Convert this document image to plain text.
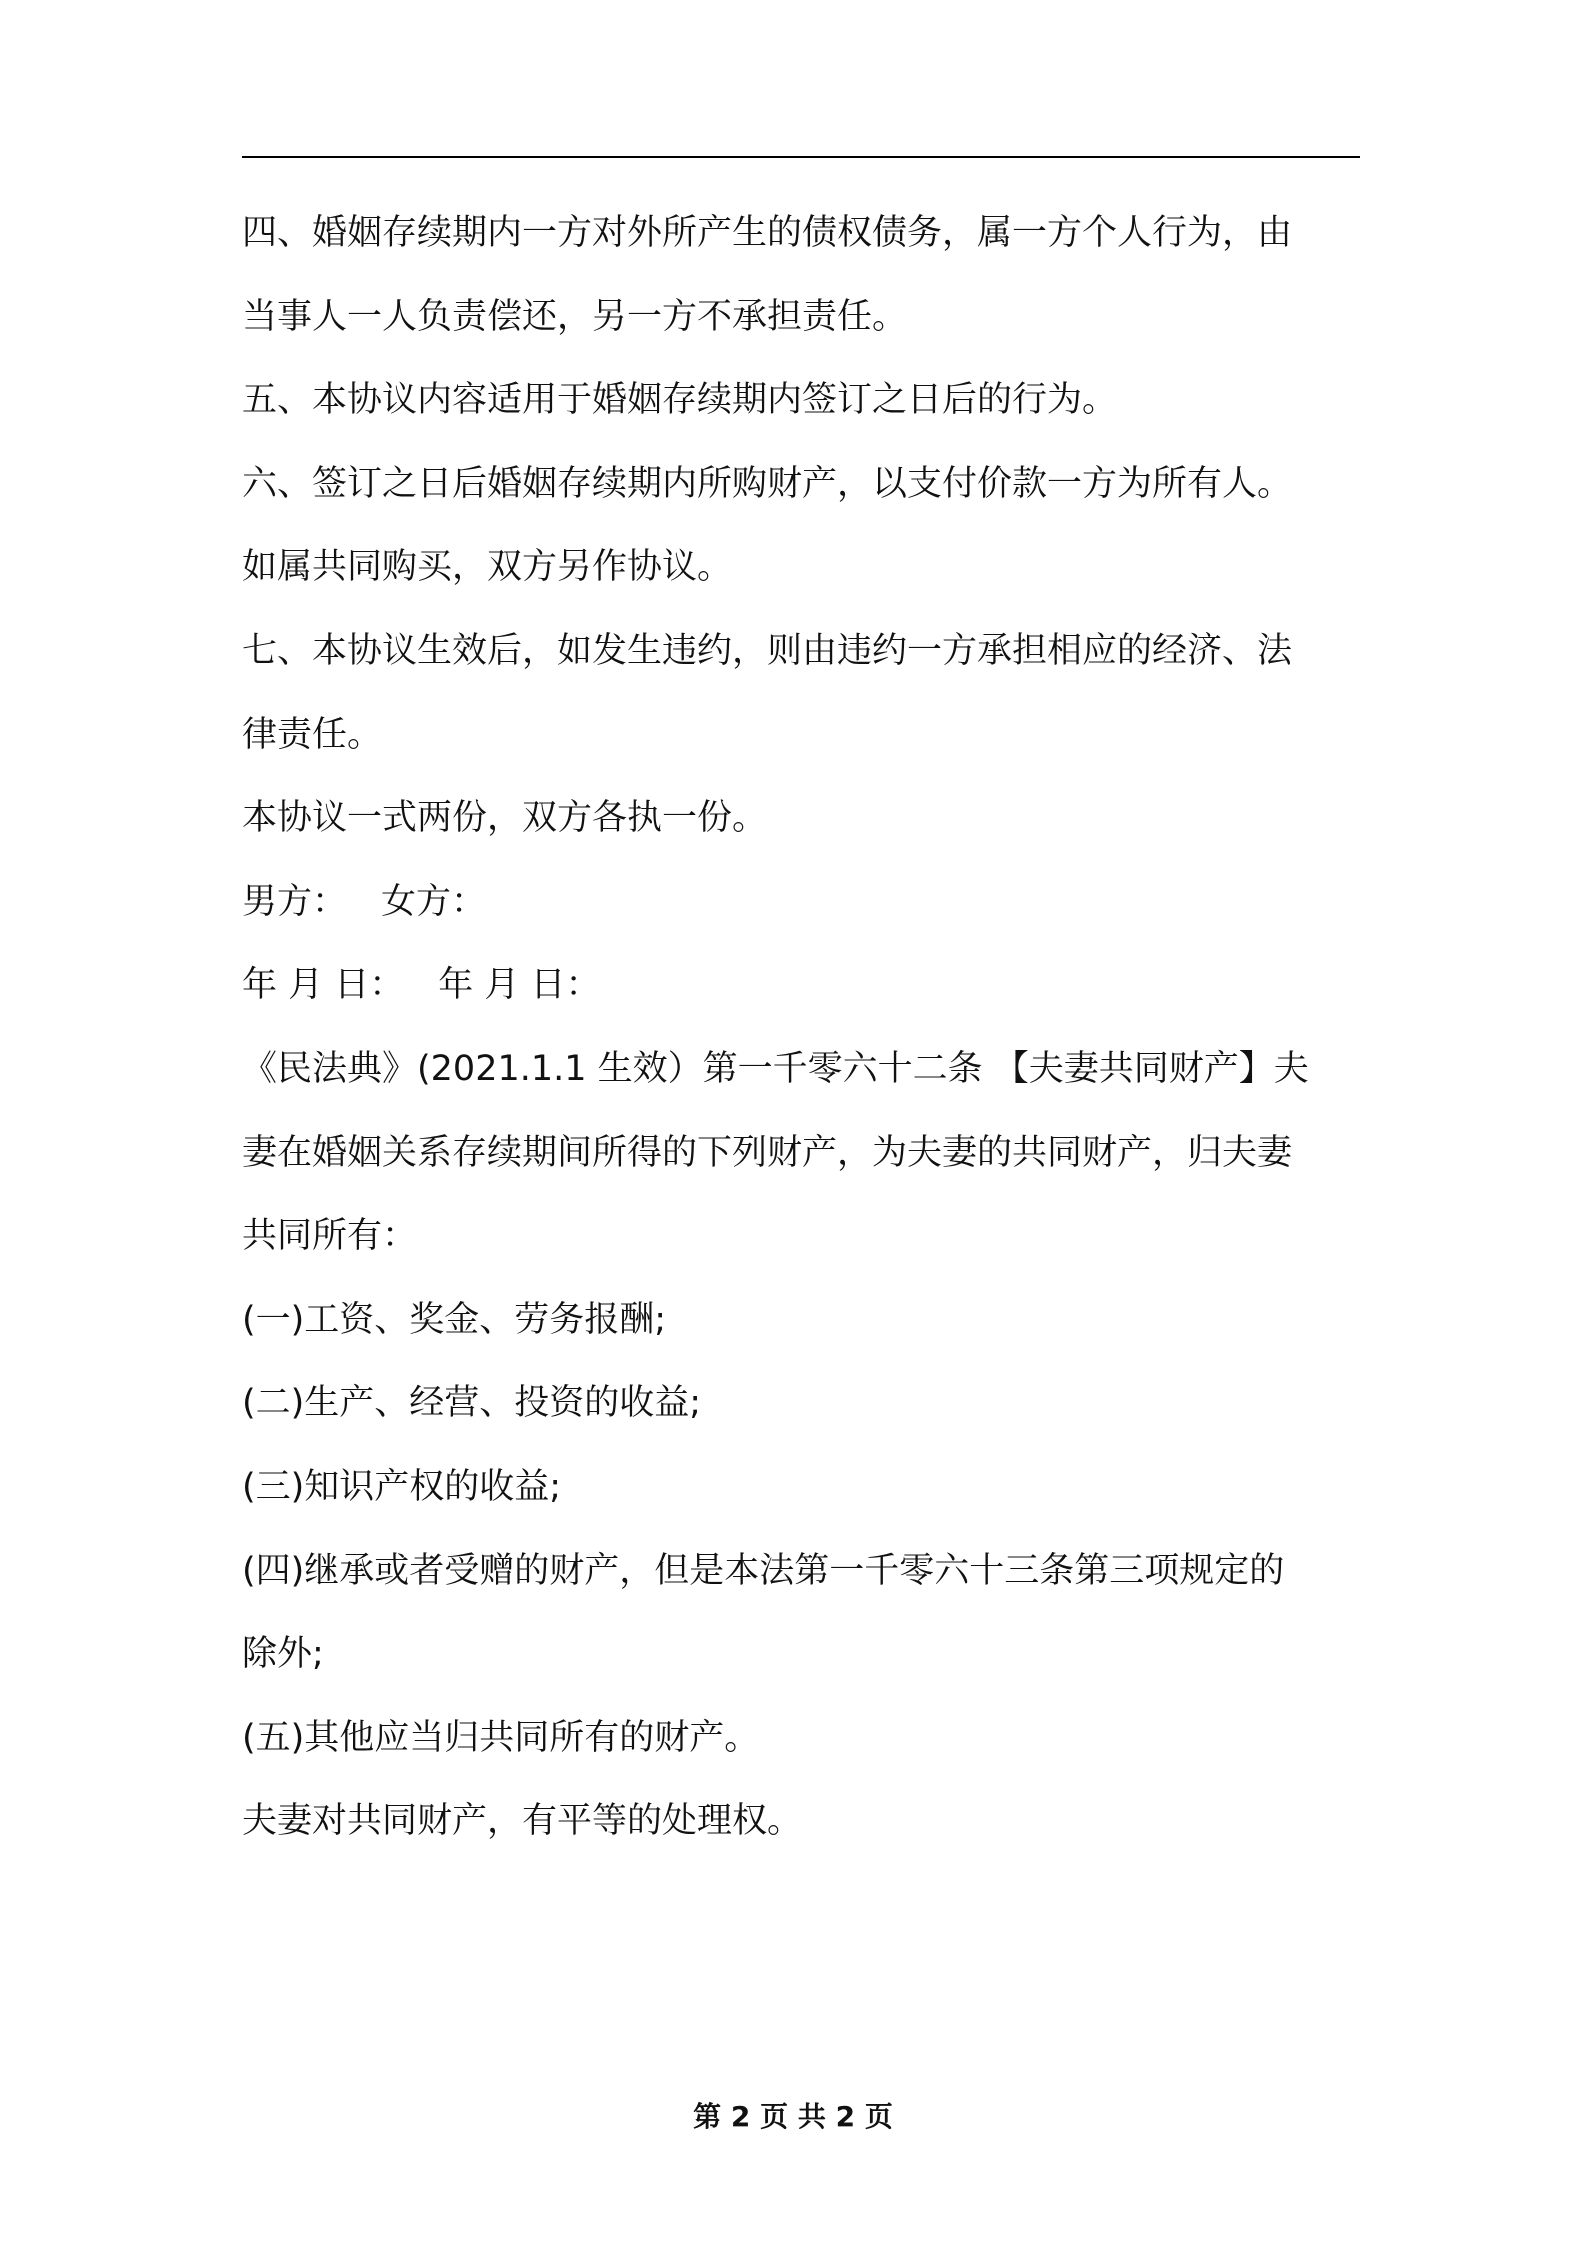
四、婚姻存续期内一方对外所产生的债权债务，属一方个人行为，由
当事人一人负责偿还，另一方不承担责任。
五、本协议内容适用于婚姻存续期内签订之日后的行为。
六、签订之日后婚姻存续期内所购财产，以支付价款一方为所有人。
如属共同购买，双方另作协议。
七、本协议生效后，如发生违约，则由违约一方承担相应的经济、法
律责任。
本协议一式两份，双方各执一份。
男方： 女方：
年 月 日： 年 月 日：
《民法典》(2021.1.1 生效）第一千零六十二条 【夫妻共同财产】夫
妻在婚姻关系存续期间所得的下列财产，为夫妻的共同财产，归夫妻
共同所有：
(一)工资、奖金、劳务报酬;
(二)生产、经营、投资的收益;
(三)知识产权的收益;
(四)继承或者受赠的财产，但是本法第一千零六十三条第三项规定的
除外;
(五)其他应当归共同所有的财产。
夫妻对共同财产，有平等的处理权。
第 2 页 共 2 页
